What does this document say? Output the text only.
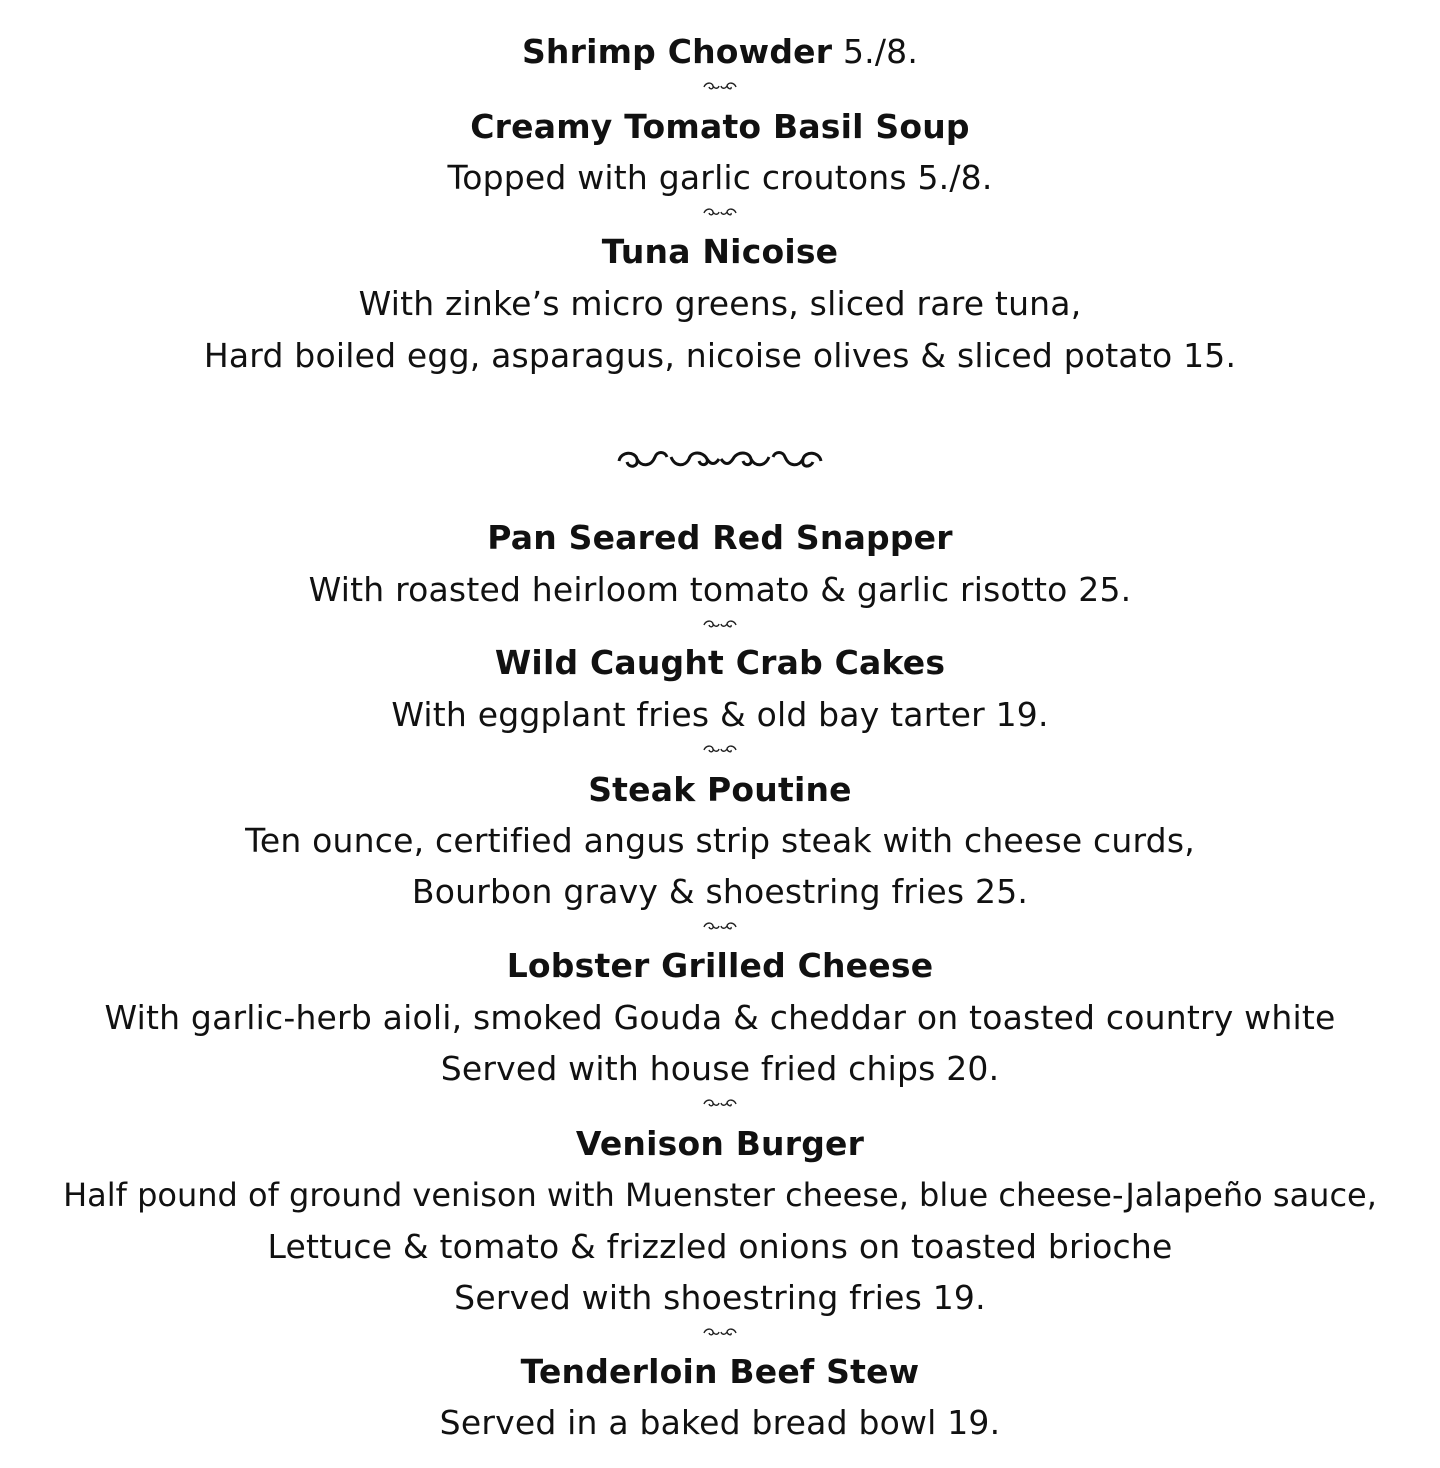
Shrimp Chowder 5./8.
Creamy Tomato Basil Soup
Topped with garlic croutons 5./8.
Tuna Nicoise
With zinke’s micro greens, sliced rare tuna,
Hard boiled egg, asparagus, nicoise olives & sliced potato 15.
Pan Seared Red Snapper
With roasted heirloom tomato & garlic risotto 25.
Wild Caught Crab Cakes
With eggplant fries & old bay tarter 19.
Steak Poutine
Ten ounce, certified angus strip steak with cheese curds,
Bourbon gravy & shoestring fries 25.
Lobster Grilled Cheese
With garlic-herb aioli, smoked Gouda & cheddar on toasted country white
Served with house fried chips 20.
Venison Burger
Half pound of ground venison with Muenster cheese, blue cheese-Jalapeño sauce,
Lettuce & tomato & frizzled onions on toasted brioche
Served with shoestring fries 19.
Tenderloin Beef Stew
Served in a baked bread bowl 19.
